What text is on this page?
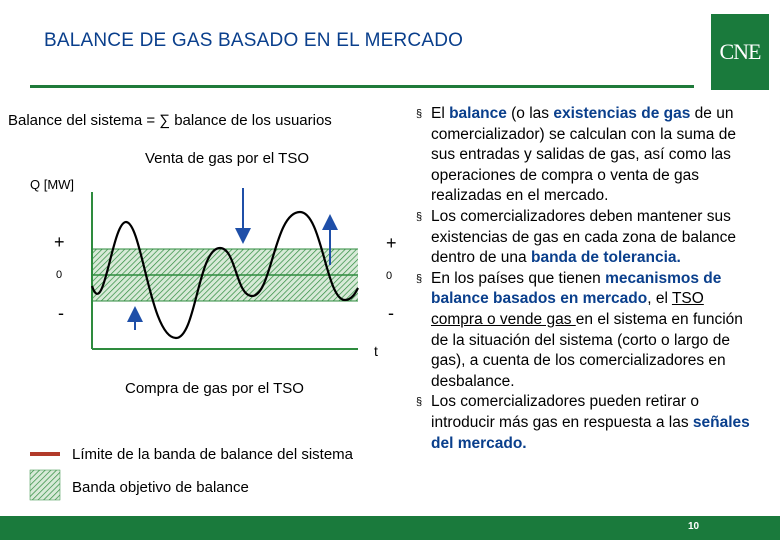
BALANCE DE GAS BASADO EN EL MERCADO	CNE
Balance del sistema = ∑ balance de los usuarios
Venta de gas por el TSO
Q [MW]
+
0
-
+
0
-
t
Compra de gas por el TSO
Límite de la banda de balance del sistema
Banda objetivo de balance
§ El balance (o las existencias de gas de un comercializador) se calculan con la suma de sus entradas y salidas de gas, así como las operaciones de compra o venta de gas realizadas en el mercado.
§ Los comercializadores deben mantener sus existencias de gas en cada zona de balance dentro de una banda de tolerancia.
§ En los países que tienen mecanismos de balance basados en mercado, el TSO compra o vende gas en el sistema en función de la situación del sistema (corto o largo de gas), a cuenta de los comercializadores en desbalance.
§ Los comercializadores pueden retirar o introducir más gas en respuesta a las señales del mercado.
10
